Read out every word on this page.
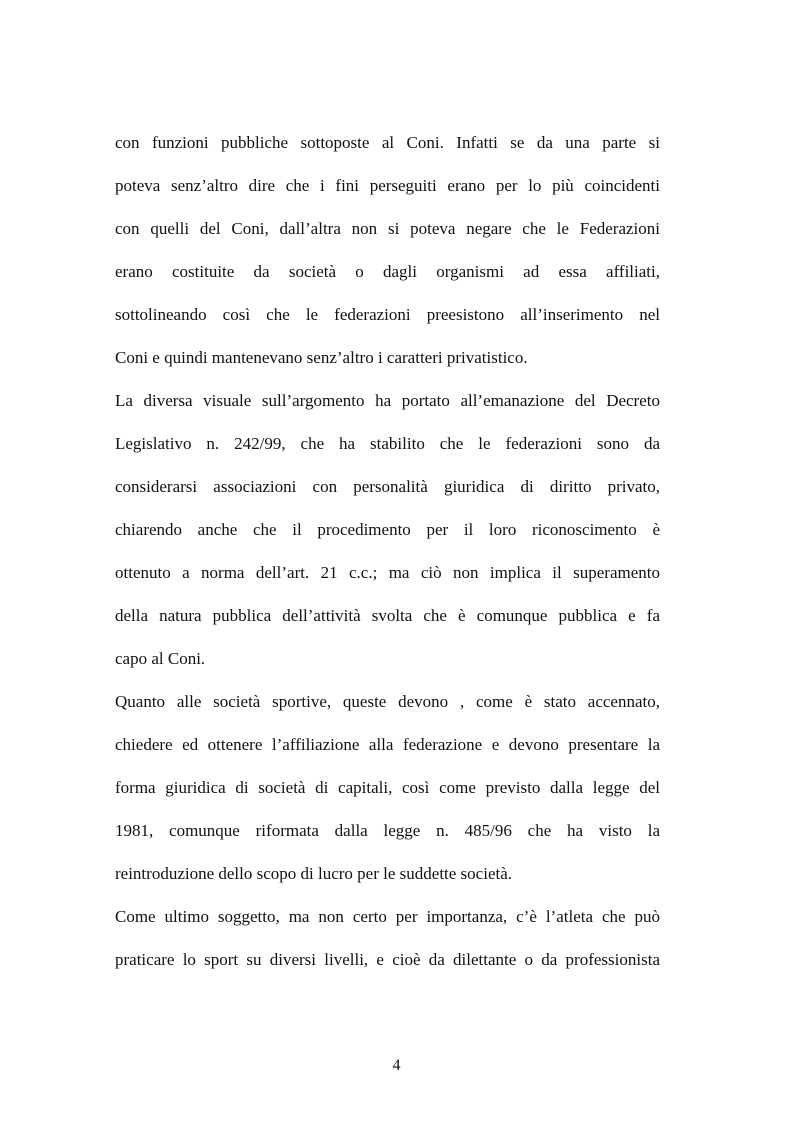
con funzioni pubbliche sottoposte al Coni. Infatti se da una parte si
poteva senz’altro dire che i fini perseguiti erano per lo più coincidenti
con quelli del Coni, dall’altra non si poteva negare che le Federazioni
erano costituite da società o dagli organismi ad essa affiliati,
sottolineando così che le federazioni preesistono all’inserimento nel
Coni e quindi mantenevano senz’altro i caratteri privatistico.
La diversa visuale sull’argomento ha portato all’emanazione del Decreto
Legislativo n. 242/99, che ha stabilito che le federazioni sono da
considerarsi associazioni con personalità giuridica di diritto privato,
chiarendo anche che il procedimento per il loro riconoscimento è
ottenuto a norma dell’art. 21 c.c.; ma ciò non implica il superamento
della natura pubblica dell’attività svolta che è comunque pubblica e fa
capo al Coni.
Quanto alle società sportive, queste devono , come è stato accennato,
chiedere ed ottenere l’affiliazione alla federazione e devono presentare la
forma giuridica di società di capitali, così come previsto dalla legge del
1981, comunque riformata dalla legge n. 485/96 che ha visto la
reintroduzione dello scopo di lucro per le suddette società.
Come ultimo soggetto, ma non certo per importanza, c’è l’atleta che può
praticare lo sport su diversi livelli, e cioè da dilettante o da professionista
4
